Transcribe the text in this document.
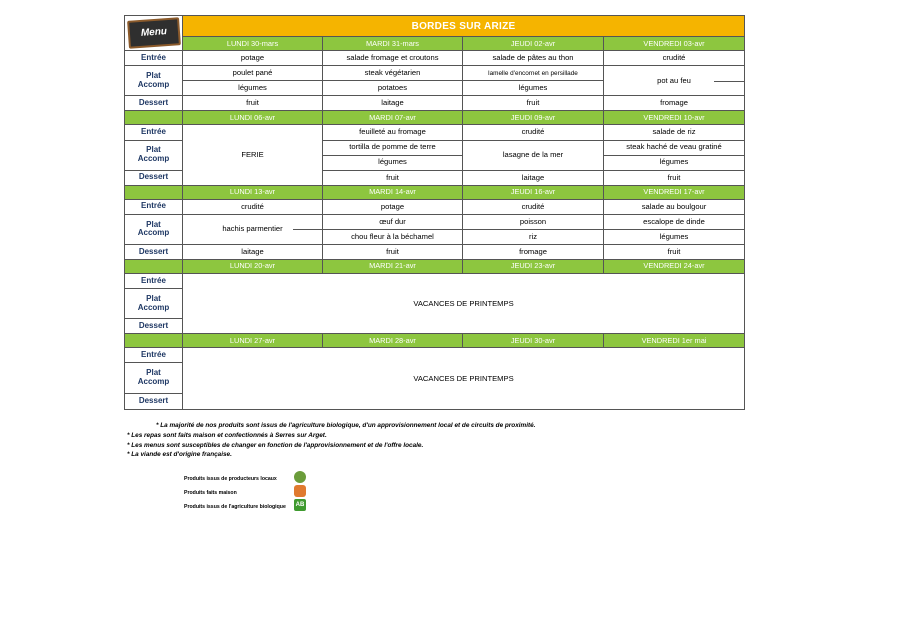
Menu	BORDES SUR ARIZE			
	LUNDI 30-mars	MARDI 31-mars	JEUDI 02-avr	VENDREDI 03-avr
Entrée	potage	salade fromage et croutons	salade de pâtes au thon	crudité
Plat
Accomp	poulet pané	steak végétarien	lamelle d'encornet en persillade	pot au feu

	légumes	potatoes	légumes	
Dessert	fruit	laitage	fruit	fromage
	LUNDI 06-avr	MARDI 07-avr	JEUDI 09-avr	VENDREDI 10-avr
Entrée	FERIE	feuilleté au fromage	crudité	salade de riz
Plat
Accomp		tortilla de pomme de terre	lasagne de la mer	steak haché de veau gratiné
		légumes		légumes
Dessert		fruit	laitage	fruit
	LUNDI 13-avr	MARDI 14-avr	JEUDI 16-avr	VENDREDI 17-avr
Entrée	crudité	potage	crudité	salade au boulgour
Plat
Accomp	hachis parmentier	œuf dur	poisson	escalope de dinde
		chou fleur à la béchamel	riz	légumes
Dessert	laitage	fruit	fromage	fruit
	LUNDI 20-avr	MARDI 21-avr	JEUDI 23-avr	VENDREDI 24-avr
Entrée	VACANCES DE PRINTEMPS			
Plat
Accomp				
Dessert				
	LUNDI 27-avr	MARDI 28-avr	JEUDI 30-avr	VENDREDI 1er mai
Entrée	VACANCES DE PRINTEMPS			
Plat
Accomp				
Dessert				
* La majorité de nos produits sont issus de l'agriculture biologique, d'un approvisionnement local et de circuits de proximité.
* Les repas sont faits maison et confectionnés à Serres sur Arget.
* Les menus sont susceptibles de changer en fonction de l'approvisionnement et de l'offre locale.
* La viande est d'origine française.
Produits issus de producteurs locaux
Produits faits maison
Produits issus de l'agriculture biologique AB
